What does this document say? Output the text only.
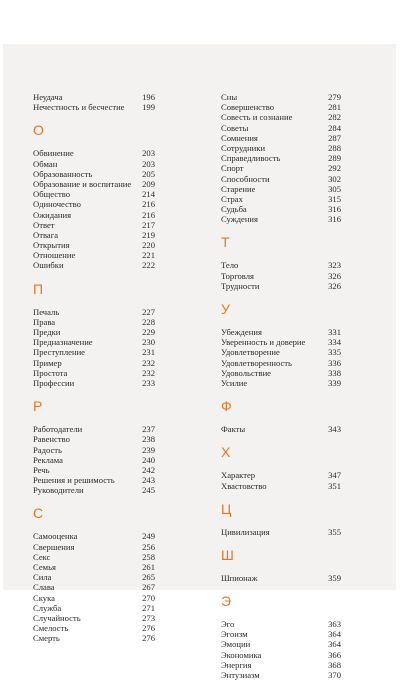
Неудача	196
Нечестность и бесчестие 199
О
Обвинение	203
Обман	203
Образованность	205
Образование и воспитание 209
Общество	214
Одиночество	216
Ожидания	216
Ответ	217
Отвага	219
Открытия	220
Отношение	221
Ошибки	222
П
Печаль	227
Права	228
Предки	229
Предназначение	230
Преступление	231
Пример	232
Простота	232
Профессии	233
Р
Работодатели	237
Равенство	238
Радость	239
Реклама	240
Речь	242
Решения и решимость	243
Руководители	245
С
Самооценка	249
Свершения	256
Секс	258
Семья	261
Сила	265
Слава	267
Скука	270
Служба	271
Случайность	273
Смелость	276
Смерть	276
Сны	279
Совершенство	281
Совесть и сознание	282
Советы	284
Сомнения	287
Сотрудники	288
Справедливость	289
Спорт	292
Способности	302
Старение	305
Страх	315
Судьба	316
Суждения	316
Т
Тело	323
Торговля	326
Трудности	326
У
Убеждения	331
Уверенность и доверие	334
Удовлетворение	335
Удовлетворенность	336
Удовольствие	338
Усилие	339
Ф
Факты	343
Х
Характер	347
Хвастовство	351
Ц
Цивилизация	355
Ш
Шпионаж	359
Э
Эго	363
Эгоизм	364
Эмоции	364
Экономика	366
Энергия	368
Энтузиазм	370
